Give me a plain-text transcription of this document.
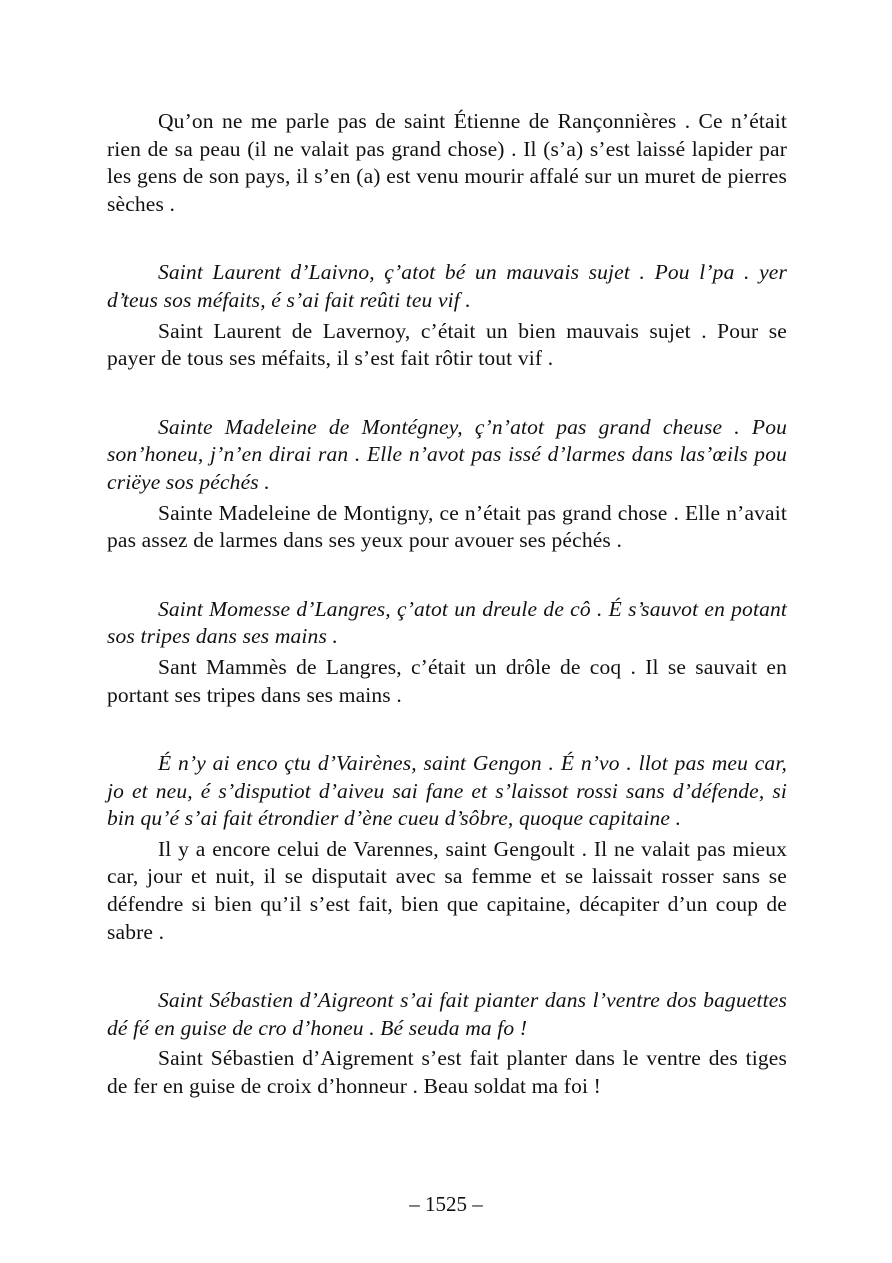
Qu’on ne me parle pas de saint Étienne de Rançonnières . Ce n’était rien de sa peau (il ne valait pas grand chose) . Il (s’a) s’est laissé lapider par les gens de son pays, il s’en (a) est venu mourir affalé sur un muret de pierres sèches .

Saint Laurent d’Laivno, ç’atot bé un mauvais sujet . Pou l’pa . yer d’teus sos méfaits, é s’ai fait reûti teu vif .

Saint Laurent de Lavernoy, c’était un bien mauvais sujet . Pour se payer de tous ses méfaits, il s’est fait rôtir tout vif .

Sainte Madeleine de Montégney, ç’n’atot pas grand cheuse . Pou son’honeu, j’n’en dirai ran . Elle n’avot pas issé d’larmes dans las’œils pou criëye sos péchés .

Sainte Madeleine de Montigny, ce n’était pas grand chose . Elle n’avait pas assez de larmes dans ses yeux pour avouer ses péchés .

Saint Momesse d’Langres, ç’atot un dreule de cô . É s’sauvot en potant sos tripes dans ses mains .

Sant Mammès de Langres, c’était un drôle de coq . Il se sauvait en portant ses tripes dans ses mains .

É n’y ai enco çtu d’Vairènes, saint Gengon . É n’vo . llot pas meu car, jo et neu, é s’disputiot d’aiveu sai fane et s’laissot rossi sans d’défende, si bin qu’é s’ai fait étrondier d’ène cueu d’sôbre, quoque capitaine .

Il y a encore celui de Varennes, saint Gengoult . Il ne valait pas mieux car, jour et nuit, il se disputait avec sa femme et se laissait rosser sans se défendre si bien qu’il s’est fait, bien que capitaine, décapiter d’un coup de sabre .

Saint Sébastien d’Aigreont s’ai fait pianter dans l’ventre dos baguettes dé fé en guise de cro d’honeu . Bé seuda ma fo !

Saint Sébastien d’Aigrement s’est fait planter dans le ventre des tiges de fer en guise de croix d’honneur . Beau soldat ma foi !

– 1525 –
